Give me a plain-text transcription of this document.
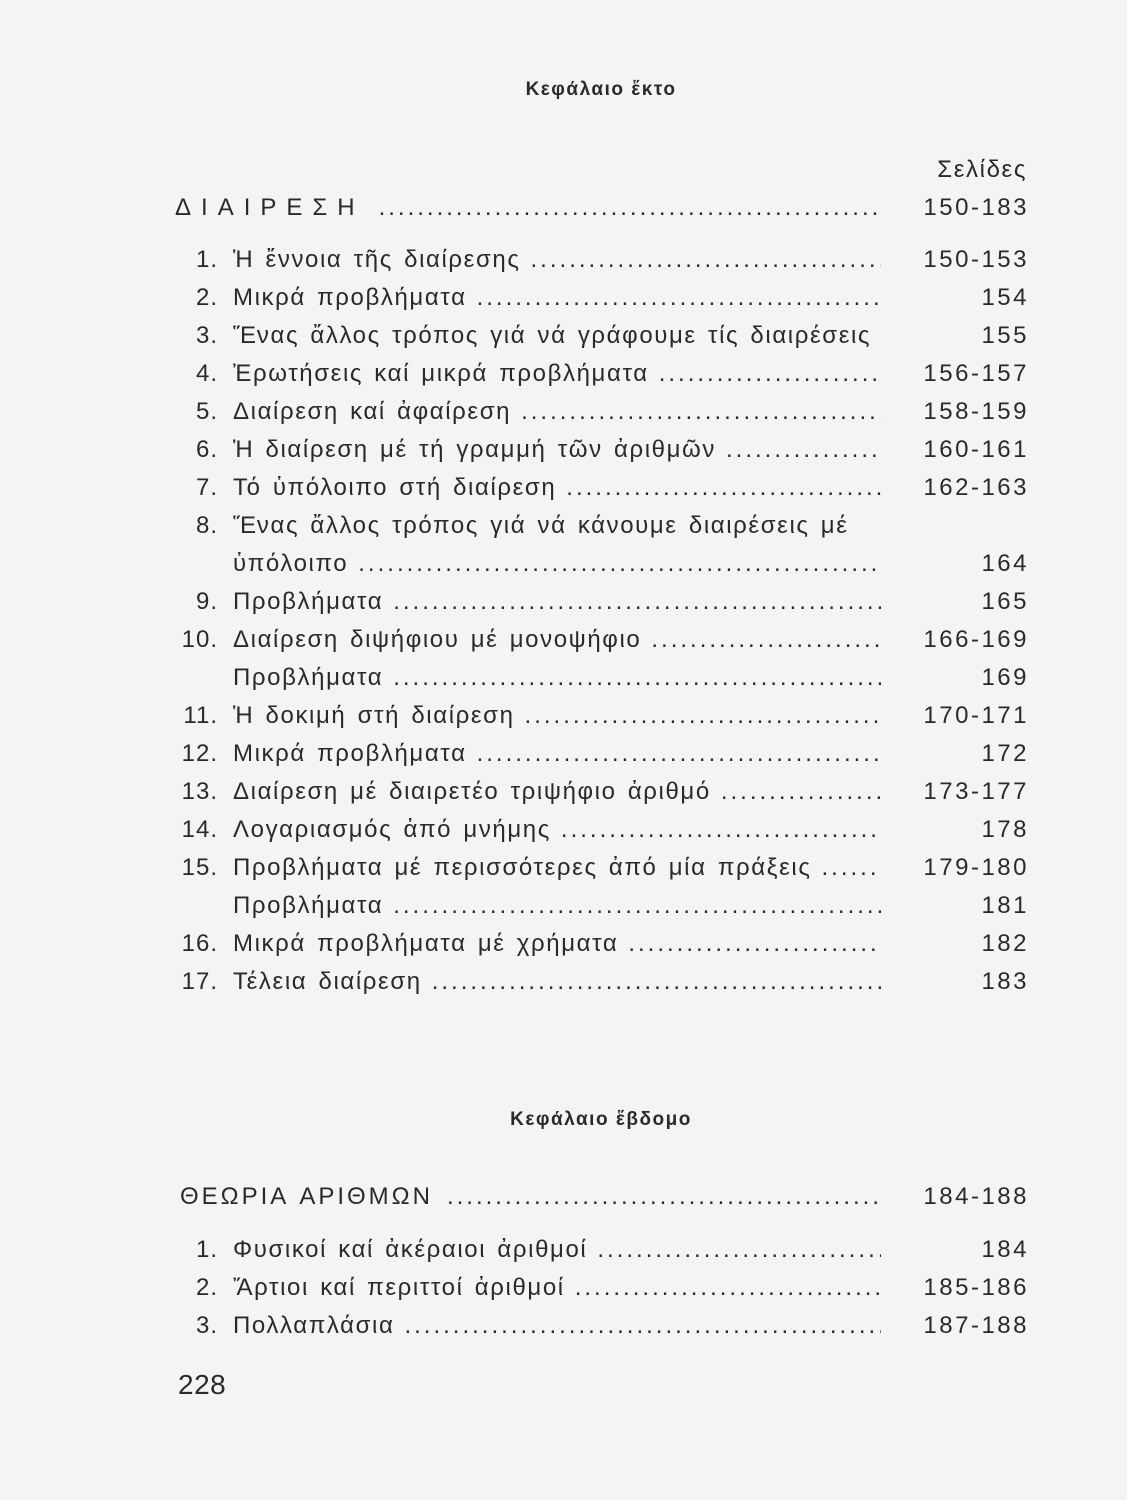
Κεφάλαιο ἕκτο
Σελίδες
ΔΙΑΙΡΕΣΗ .....	150-183
1. Ἡ ἔννοια τῆς διαίρεσης .....	150-153
2. Μικρά προβλήματα .....	154
3. Ἕνας ἄλλος τρόπος γιά νά γράφουμε τίς διαιρέσεις	155
4. Ἐρωτήσεις καί μικρά προβλήματα .....	156-157
5. Διαίρεση καί ἀφαίρεση .....	158-159
6. Ἡ διαίρεση μέ τή γραμμή τῶν ἀριθμῶν .....	160-161
7. Τό ὑπόλοιπο στή διαίρεση .....	162-163
8. Ἕνας ἄλλος τρόπος γιά νά κάνουμε διαιρέσεις μέ
ὑπόλοιπο .....	164
9. Προβλήματα .....	165
10. Διαίρεση διψήφιου μέ μονοψήφιο .....	166-169
Προβλήματα .....	169
11. Ἡ δοκιμή στή διαίρεση .....	170-171
12. Μικρά προβλήματα .....	172
13. Διαίρεση μέ διαιρετέο τριψήφιο ἀριθμό .....	173-177
14. Λογαριασμός ἀπό μνήμης .....	178
15. Προβλήματα μέ περισσότερες ἀπό μία πράξεις .....	179-180
Προβλήματα .....	181
16. Μικρά προβλήματα μέ χρήματα .....	182
17. Τέλεια διαίρεση .....	183
Κεφάλαιο ἕβδομο
ΘΕΩΡΙΑ ΑΡΙΘΜΩΝ .....	184-188
1. Φυσικοί καί ἀκέραιοι ἀριθμοί .....	184
2. Ἄρτιοι καί περιττοί ἀριθμοί .....	185-186
3. Πολλαπλάσια .....	187-188
228
